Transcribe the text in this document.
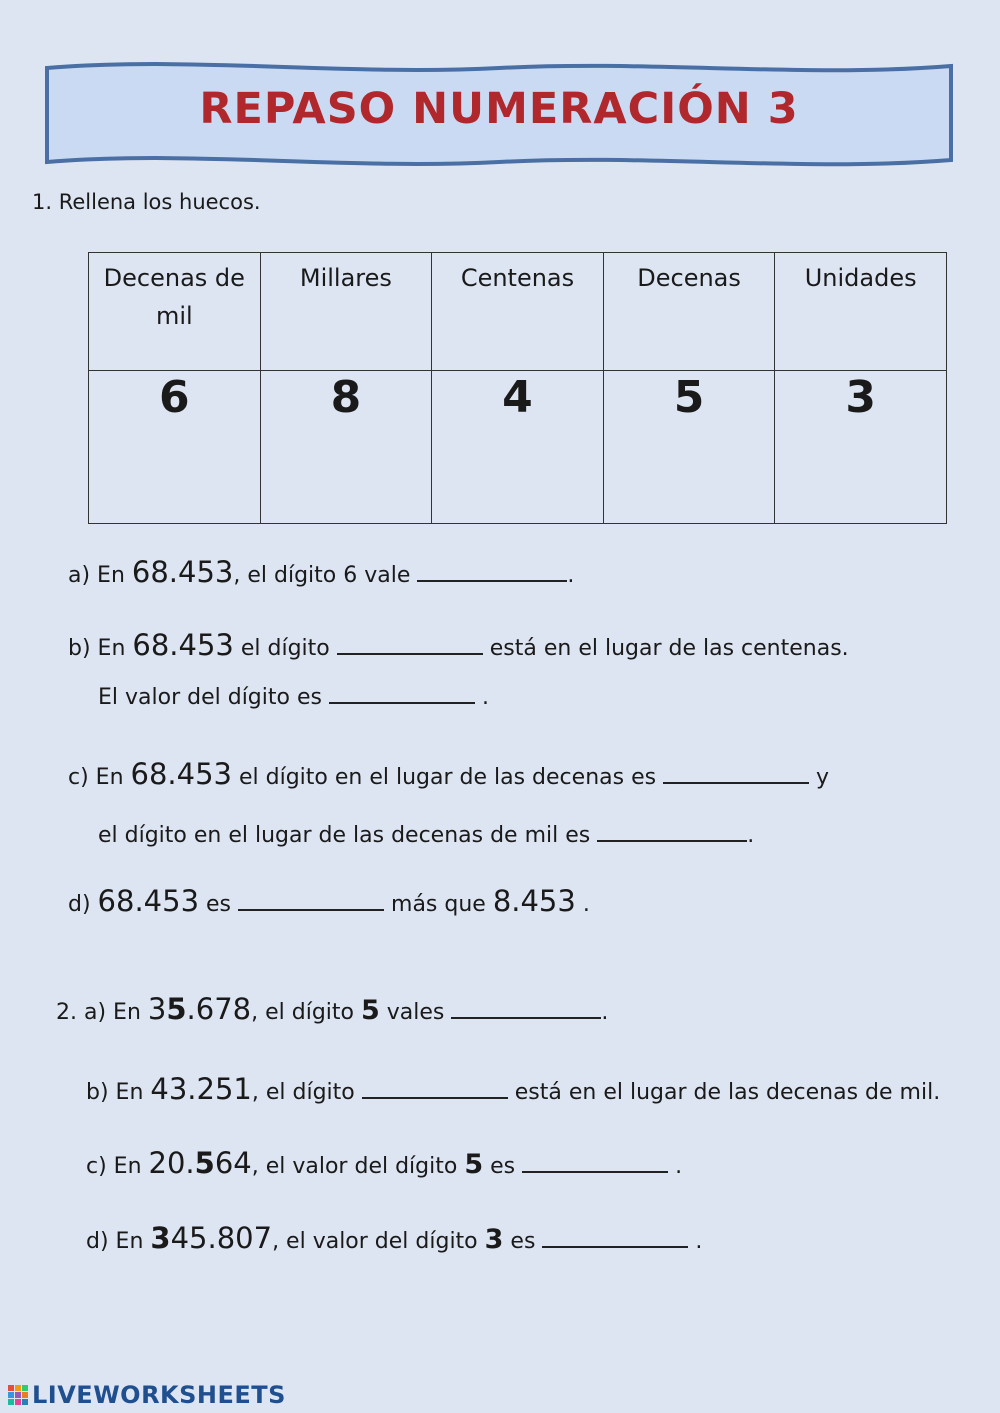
REPASO NUMERACIÓN 3
1. Rellena los huecos.
Decenas de mil	Millares	Centenas	Decenas	Unidades
6	8	4	5	3
a) En 68.453, el dígito 6 vale	.
b) En 68.453 el dígito	está en el lugar de las centenas.
El valor del dígito es	.
c) En 68.453 el dígito en el lugar de las decenas es	y
el dígito en el lugar de las decenas de mil es	.
d) 68.453 es	más que 8.453 .
2. a) En 35.678, el dígito 5 vales	.
b) En 43.251, el dígito	está en el lugar de las decenas de mil.
c) En 20.564, el valor del dígito 5 es	.
d) En 345.807, el valor del dígito 3 es	.
LIVEWORKSHEETS
